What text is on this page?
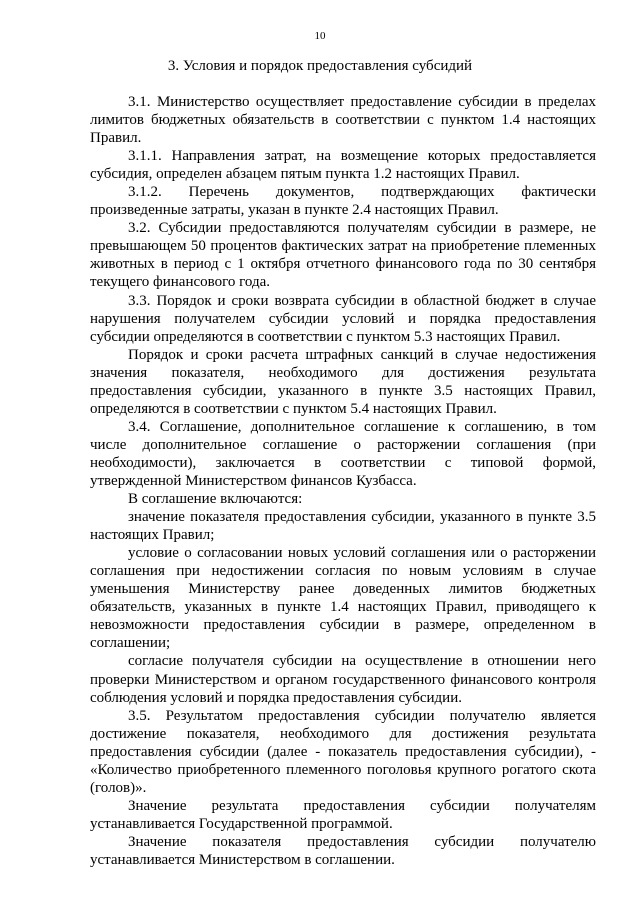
10
3. Условия и порядок предоставления субсидий

3.1. Министерство осуществляет предоставление субсидии в пределах лимитов бюджетных обязательств в соответствии с пунктом 1.4 настоящих Правил.

3.1.1. Направления затрат, на возмещение которых предоставляется субсидия, определен абзацем пятым пункта 1.2 настоящих Правил.

3.1.2. Перечень документов, подтверждающих фактически произведенные затраты, указан в пункте 2.4 настоящих Правил.

3.2. Субсидии предоставляются получателям субсидии в размере, не превышающем 50 процентов фактических затрат на приобретение племенных животных в период с 1 октября отчетного финансового года по 30 сентября текущего финансового года.

3.3. Порядок и сроки возврата субсидии в областной бюджет в случае нарушения получателем субсидии условий и порядка предоставления субсидии определяются в соответствии с пунктом 5.3 настоящих Правил.

Порядок и сроки расчета штрафных санкций в случае недостижения значения показателя, необходимого для достижения результата предоставления субсидии, указанного в пункте 3.5 настоящих Правил, определяются в соответствии с пунктом 5.4 настоящих Правил.

3.4. Соглашение, дополнительное соглашение к соглашению, в том числе дополнительное соглашение о расторжении соглашения (при необходимости), заключается в соответствии с типовой формой, утвержденной Министерством финансов Кузбасса.

В соглашение включаются:

значение показателя предоставления субсидии, указанного в пункте 3.5 настоящих Правил;

условие о согласовании новых условий соглашения или о расторжении соглашения при недостижении согласия по новым условиям в случае уменьшения Министерству ранее доведенных лимитов бюджетных обязательств, указанных в пункте 1.4 настоящих Правил, приводящего к невозможности предоставления субсидии в размере, определенном в соглашении;

согласие получателя субсидии на осуществление в отношении него проверки Министерством и органом государственного финансового контроля соблюдения условий и порядка предоставления субсидии.

3.5. Результатом предоставления субсидии получателю является достижение показателя, необходимого для достижения результата предоставления субсидии (далее - показатель предоставления субсидии), - «Количество приобретенного племенного поголовья крупного рогатого скота (голов)».

Значение результата предоставления субсидии получателям устанавливается Государственной программой.

Значение показателя предоставления субсидии получателю устанавливается Министерством в соглашении.
